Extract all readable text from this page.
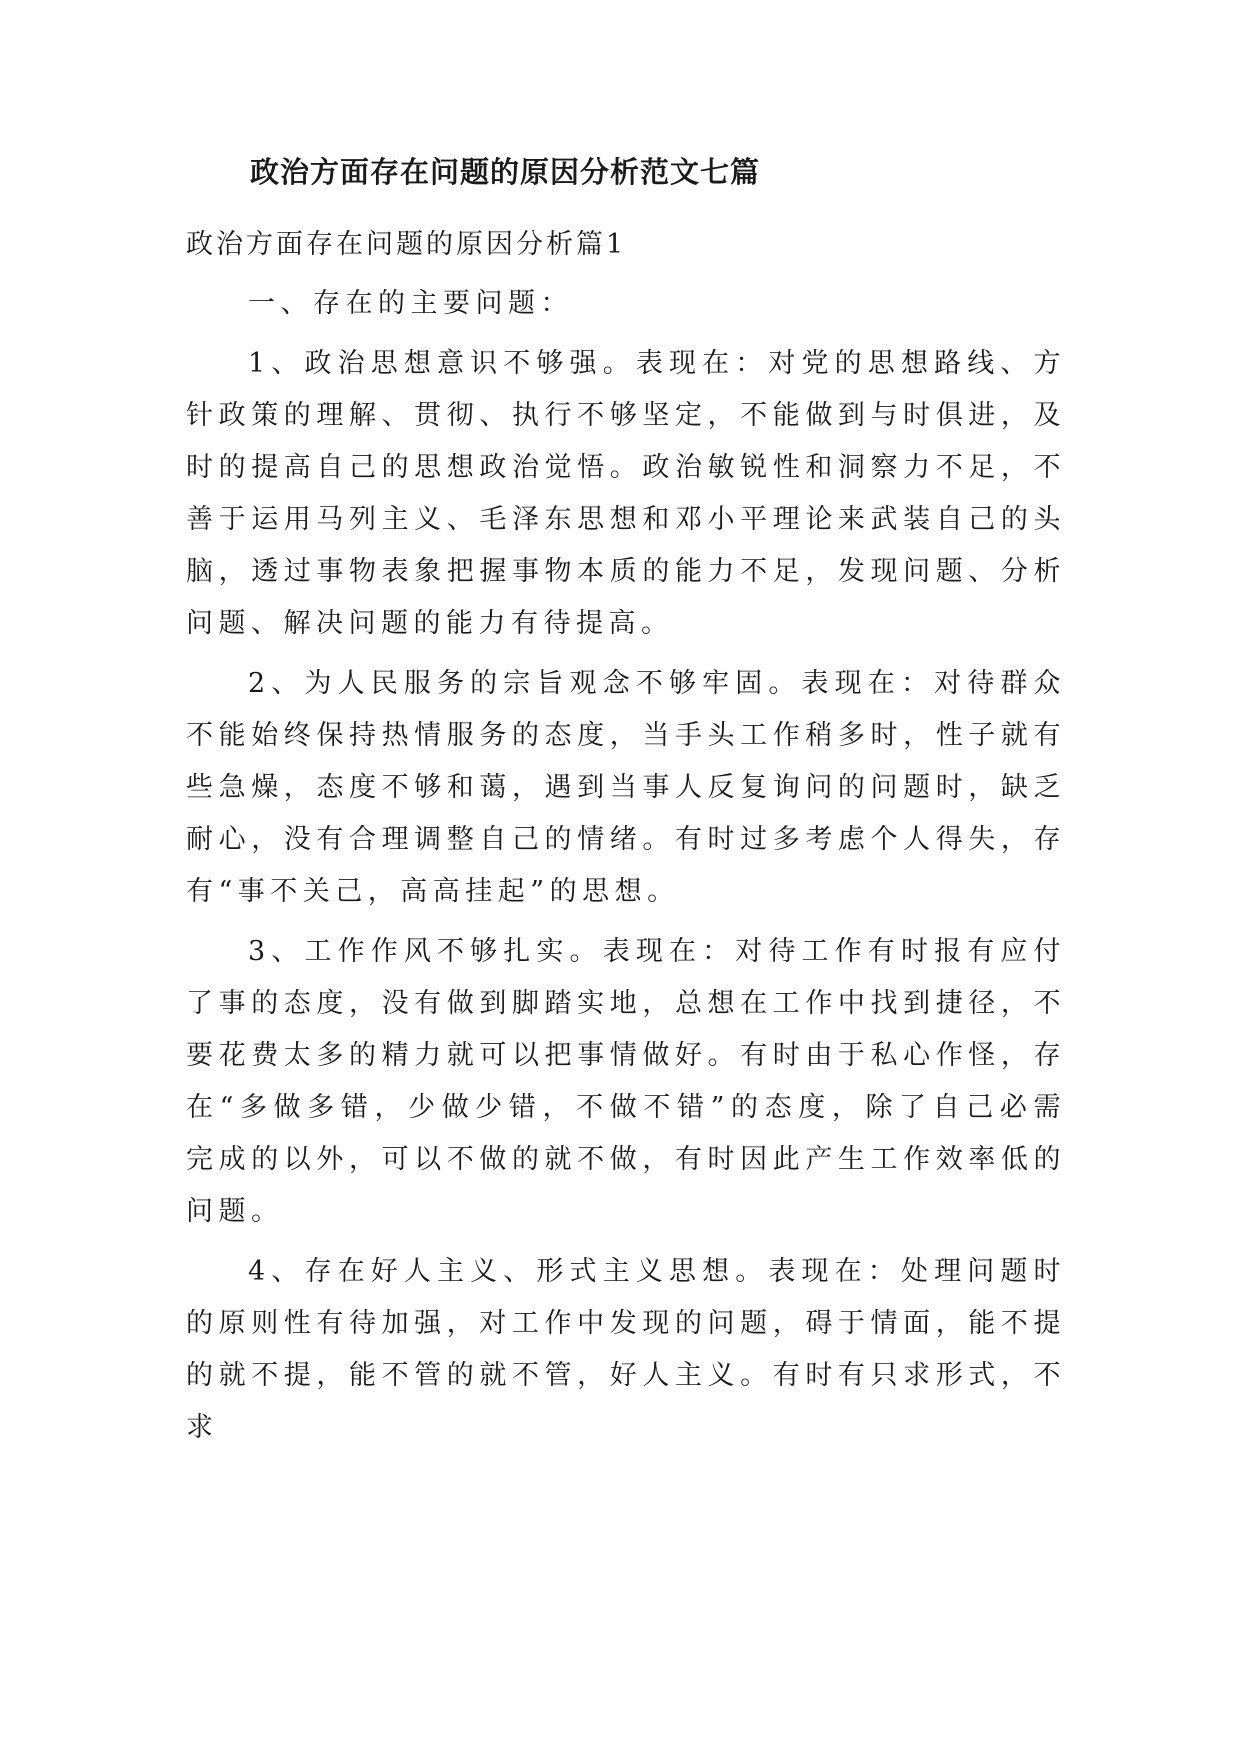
政治方面存在问题的原因分析范文七篇

政治方面存在问题的原因分析篇1

一、存在的主要问题：

1、政治思想意识不够强。表现在：对党的思想路线、方针政策的理解、贯彻、执行不够坚定，不能做到与时俱进，及时的提高自己的思想政治觉悟。政治敏锐性和洞察力不足，不善于运用马列主义、毛泽东思想和邓小平理论来武装自己的头脑，透过事物表象把握事物本质的能力不足，发现问题、分析问题、解决问题的能力有待提高。

2、为人民服务的宗旨观念不够牢固。表现在：对待群众不能始终保持热情服务的态度，当手头工作稍多时，性子就有些急燥，态度不够和蔼，遇到当事人反复询问的问题时，缺乏耐心，没有合理调整自己的情绪。有时过多考虑个人得失，存有“事不关己，高高挂起”的思想。

3、工作作风不够扎实。表现在：对待工作有时报有应付了事的态度，没有做到脚踏实地，总想在工作中找到捷径，不要花费太多的精力就可以把事情做好。有时由于私心作怪，存在“多做多错，少做少错，不做不错”的态度，除了自己必需完成的以外，可以不做的就不做，有时因此产生工作效率低的问题。

4、存在好人主义、形式主义思想。表现在：处理问题时的原则性有待加强，对工作中发现的问题，碍于情面，能不提的就不提，能不管的就不管，好人主义。有时有只求形式，不求
